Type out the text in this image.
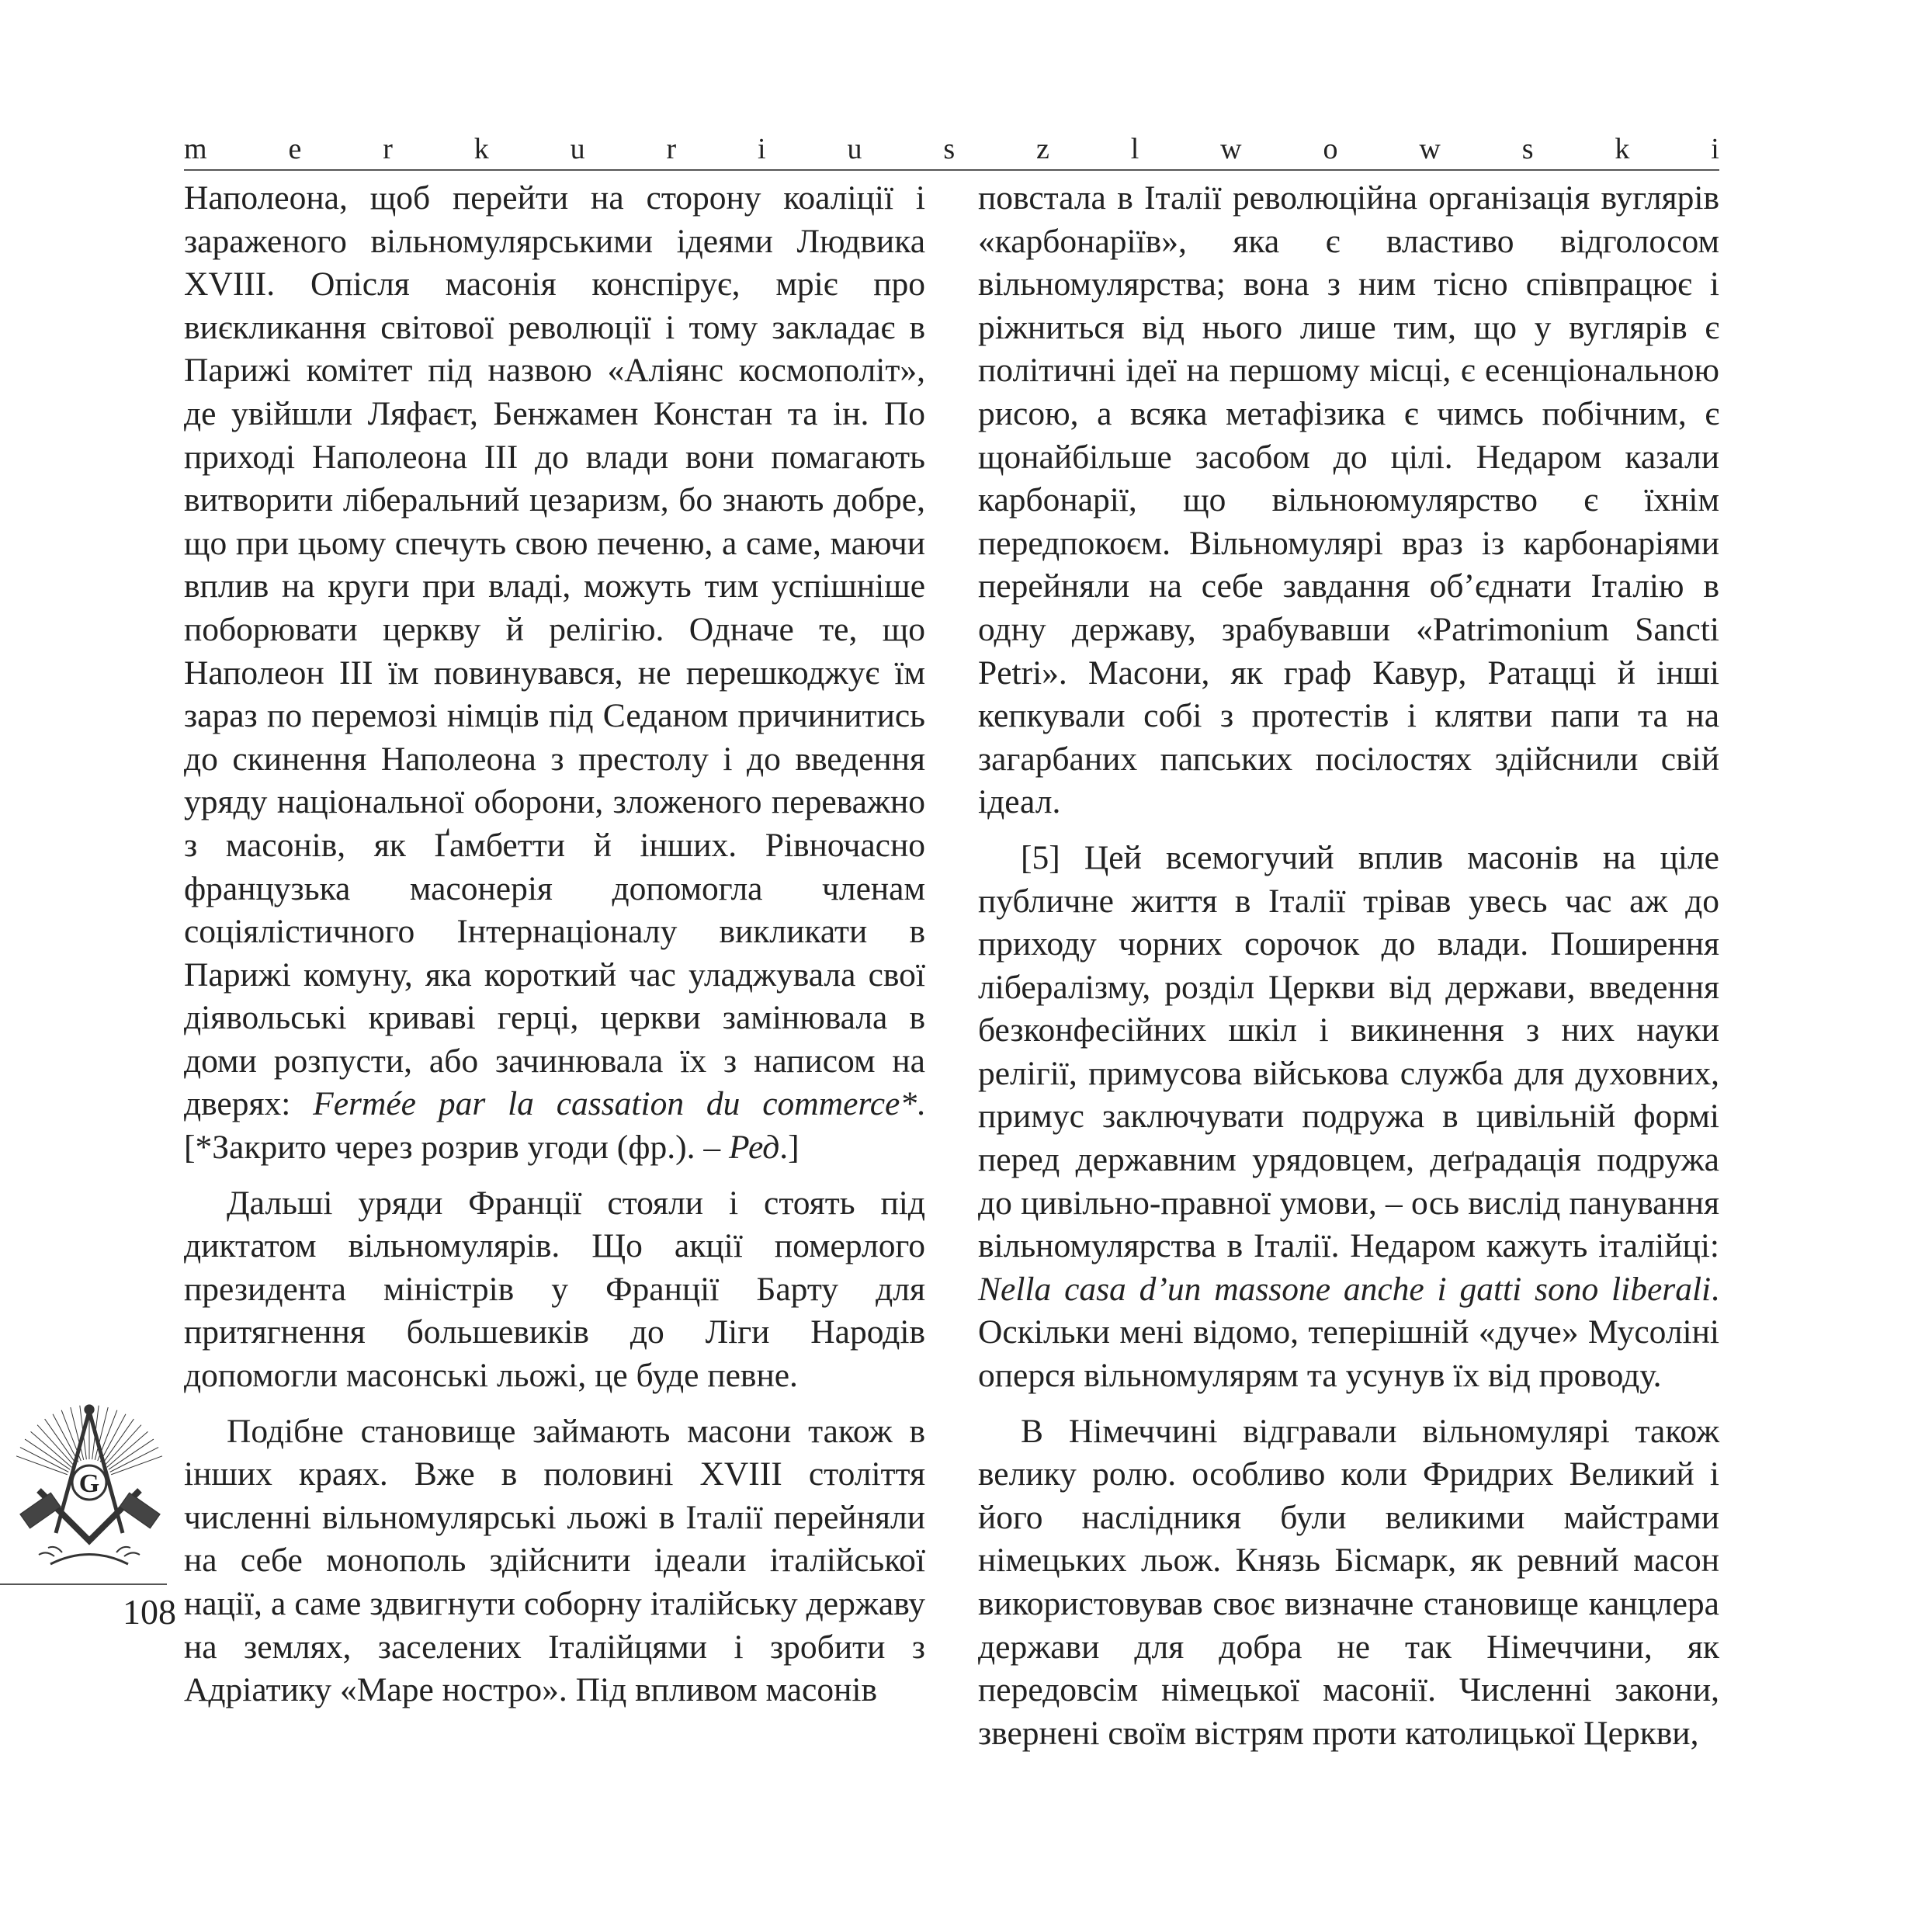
m	e	r	k	u	r	i	u	s	z	l	w	o	w	s	k	i

Наполеона, щоб перейти на сторону коаліції і зараженого вільномулярськими ідеями Людвика XVIII. Опісля масонія конспірує, мріє про виєкликання світової революції і тому закладає в Парижі комітет під назвою «Аліянс космополіт», де увійшли Ляфаєт, Бенжамен Констан та ін. По приході Наполеона ІІІ до влади вони помагають витворити ліберальний цезаризм, бо знають добре, що при цьому спечуть свою печеню, а саме, маючи вплив на круги при владі, можуть тим успішніше поборювати церкву й релігію. Одначе те, що Наполеон ІІІ їм повинувався, не перешкоджує їм зараз по перемозі німців під Седаном причинитись до скинення Наполеона з престолу і до введення уряду національної оборони, зложеного переважно з масонів, як Ґамбетти й інших. Рівночасно французька масонерія допомогла членам соціялістичного Інтернаціоналу викликати в Парижі комуну, яка короткий час уладжувала свої діявольські криваві герці, церкви замінювала в доми розпусти, або зачинювала їх з написом на дверях: Fermée par la cassation du commerce*. [*Закрито через розрив угоди (фр.). – Ред.]

Дальші уряди Франції стояли і стоять під диктатом вільномулярів. Що акції померлого президента міністрів у Франції Барту для притягнення большевиків до Ліги Народів допомогли масонські льожі, це буде певне.

Подібне становище займають масони також в інших краях. Вже в половині XVIII століття численні вільномулярські льожі в Італії перейняли на себе монополь здійснити ідеали італійської нації, а саме здвигнути соборну італійську державу на землях, заселених Італійцями і зробити з Адріатику «Маре ностро». Під впливом масонів

повстала в Італії революційна організація вуглярів «карбонаріїв», яка є властиво відголосом вільномулярства; вона з ним тісно співпрацює і ріжниться від нього лише тим, що у вуглярів є політичні ідеї на першому місці, є есенціональною рисою, а всяка метафізика є чимсь побічним, є щонайбільше засобом до цілі. Недаром казали карбонарії, що вільноюмулярство є їхнім передпокоєм. Вільномулярі враз із карбонаріями перейняли на себе завдання об’єднати Італію в одну державу, зрабувавши «Patrimonium Sancti Petri». Масони, як граф Кавур, Ратацці й інші кепкували собі з протестів і клятви папи та на загарбаних папських посілостях здійснили свій ідеал.

[5] Цей всемогучий вплив масонів на ціле публичне життя в Італії трівав увесь час аж до приходу чорних сорочок до влади. Поширення лібералізму, розділ Церкви від держави, введення безконфесійних шкіл і викинення з них науки релігії, примусова військова служба для духовних, примус заключувати подружа в цивільній формі перед державним урядовцем, деґрадація подружа до цивільно-правної умови, – ось вислід панування вільномулярства в Італії. Недаром кажуть італійці: Nella casa d’un massone anche i gatti sono liberali. Оскільки мені відомо, теперішній «дуче» Мусоліні оперся вільномулярям та усунув їх від проводу.

В Німеччині відгравали вільномулярі також велику ролю. особливо коли Фридрих Великий і його наслідникя були великими майстрами німецьких льож. Князь Бісмарк, як ревний масон використовував своє визначне становище канцлера держави для добра не так Німеччини, як передовсім німецької масонії. Численні закони, звернені своїм вістрям проти католицької Церкви,

G
108
